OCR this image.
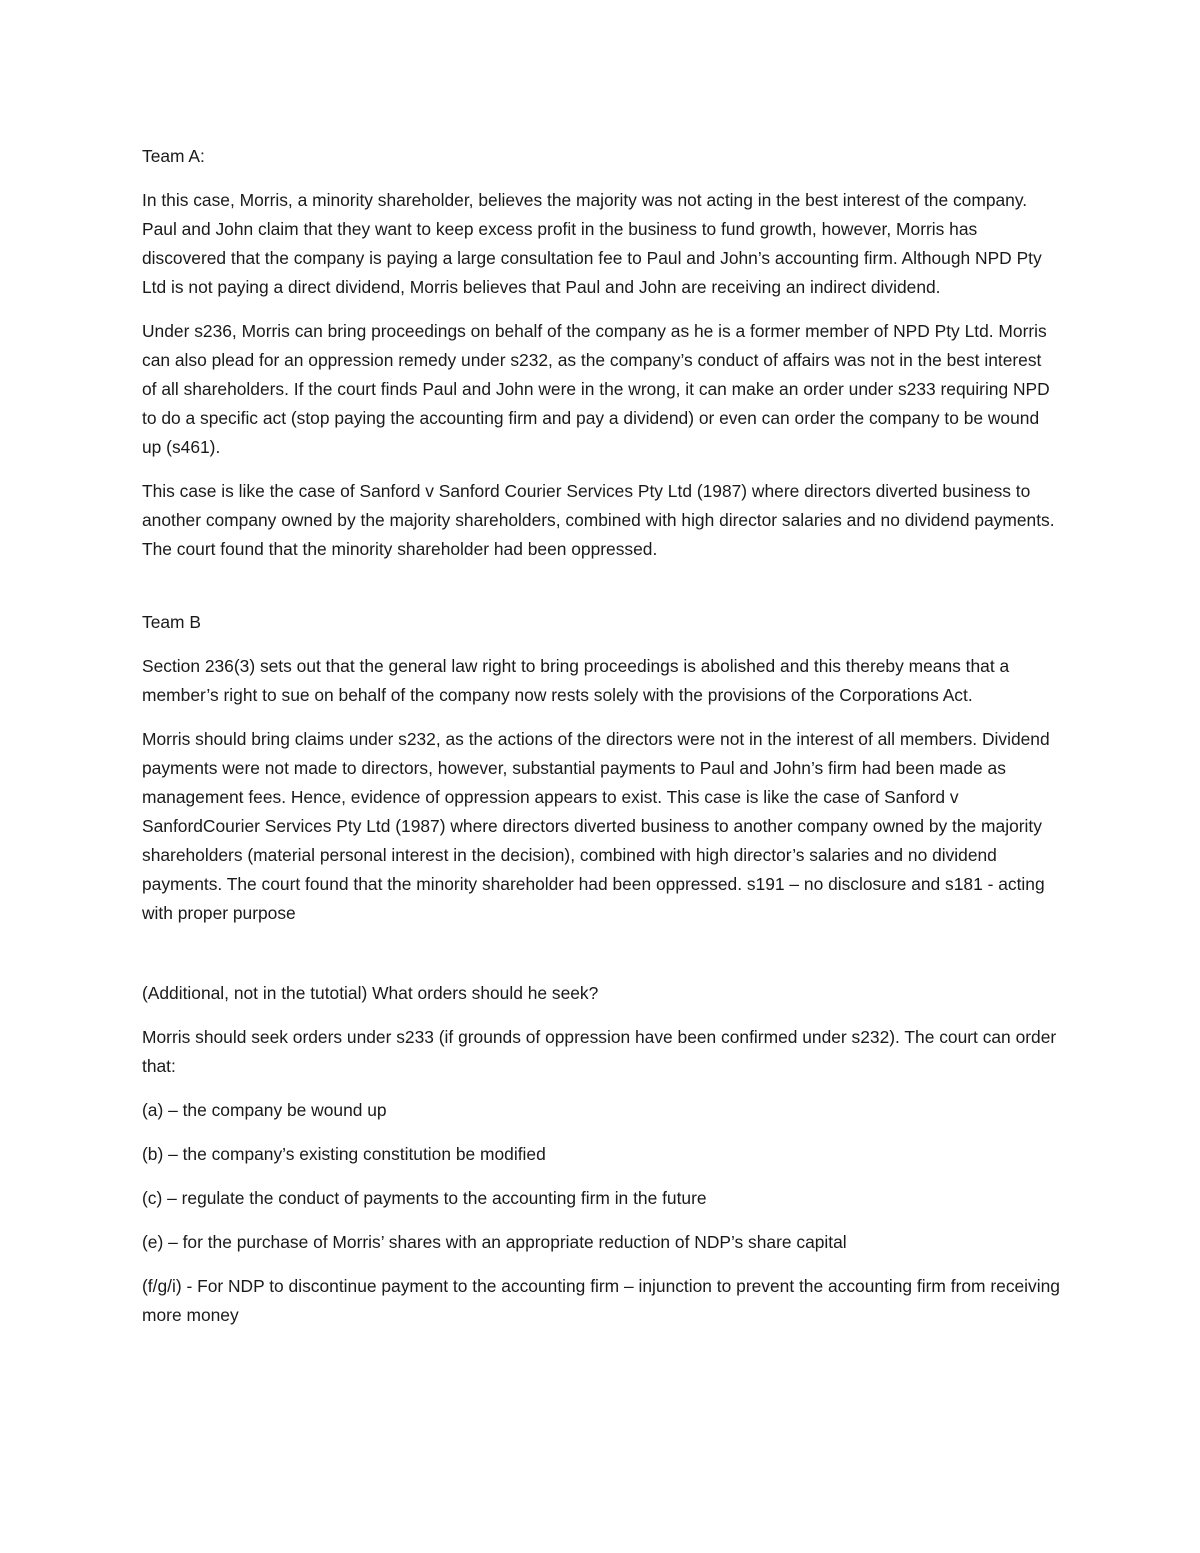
Team A:

In this case, Morris, a minority shareholder, believes the majority was not acting in the best interest of the company. Paul and John claim that they want to keep excess profit in the business to fund growth, however, Morris has discovered that the company is paying a large consultation fee to Paul and John’s accounting firm. Although NPD Pty Ltd is not paying a direct dividend, Morris believes that Paul and John are receiving an indirect dividend.

Under s236, Morris can bring proceedings on behalf of the company as he is a former member of NPD Pty Ltd. Morris can also plead for an oppression remedy under s232, as the company’s conduct of affairs was not in the best interest of all shareholders. If the court finds Paul and John were in the wrong, it can make an order under s233 requiring NPD to do a specific act (stop paying the accounting firm and pay a dividend) or even can order the company to be wound up (s461).

This case is like the case of Sanford v Sanford Courier Services Pty Ltd (1987) where directors diverted business to another company owned by the majority shareholders, combined with high director salaries and no dividend payments. The court found that the minority shareholder had been oppressed.

Team B

Section 236(3) sets out that the general law right to bring proceedings is abolished and this thereby means that a member’s right to sue on behalf of the company now rests solely with the provisions of the Corporations Act.

Morris should bring claims under s232, as the actions of the directors were not in the interest of all members. Dividend payments were not made to directors, however, substantial payments to Paul and John’s firm had been made as management fees. Hence, evidence of oppression appears to exist. This case is like the case of Sanford v SanfordCourier Services Pty Ltd (1987) where directors diverted business to another company owned by the majority shareholders (material personal interest in the decision), combined with high director’s salaries and no dividend payments. The court found that the minority shareholder had been oppressed. s191 – no disclosure and s181 - acting with proper purpose

(Additional, not in the tutotial) What orders should he seek?

Morris should seek orders under s233 (if grounds of oppression have been confirmed under s232). The court can order that:

(a) – the company be wound up

(b) – the company’s existing constitution be modified

(c) – regulate the conduct of payments to the accounting firm in the future

(e) – for the purchase of Morris’ shares with an appropriate reduction of NDP’s share capital

(f/g/i) - For NDP to discontinue payment to the accounting firm – injunction to prevent the accounting firm from receiving more money
